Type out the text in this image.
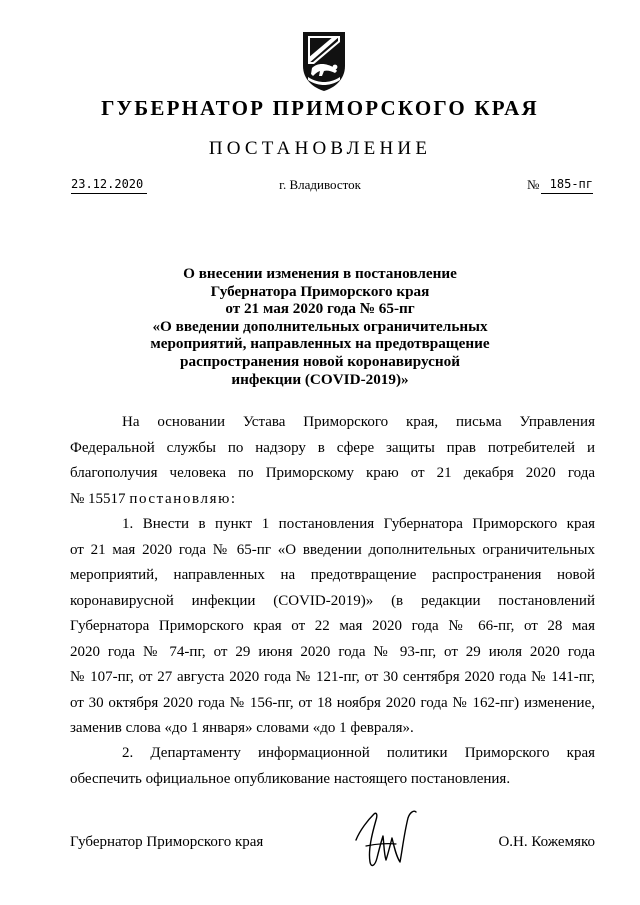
ГУБЕРНАТОР ПРИМОРСКОГО КРАЯ
ПОСТАНОВЛЕНИЕ
23.12.2020	г. Владивосток	№ 185-пг
О внесении изменения в постановление
Губернатора Приморского края
от 21 мая 2020 года № 65-пг
«О введении дополнительных ограничительных
мероприятий, направленных на предотвращение
распространения новой коронавирусной
инфекции (COVID-2019)»
На основании Устава Приморского края, письма Управления
Федеральной службы по надзору в сфере защиты прав потребителей и
благополучия человека по Приморскому краю от 21 декабря 2020 года
№ 15517 постановляю:
1. Внести в пункт 1 постановления Губернатора Приморского края
от 21 мая 2020 года № 65-пг «О введении дополнительных ограничительных
мероприятий, направленных на предотвращение распространения новой
коронавирусной инфекции (COVID-2019)» (в редакции постановлений
Губернатора Приморского края от 22 мая 2020 года № 66-пг, от 28 мая
2020 года № 74-пг, от 29 июня 2020 года № 93-пг, от 29 июля 2020 года
№ 107-пг, от 27 августа 2020 года № 121-пг, от 30 сентября 2020 года № 141-пг,
от 30 октября 2020 года № 156-пг, от 18 ноября 2020 года № 162-пг) изменение,
заменив слова «до 1 января» словами «до 1 февраля».
2. Департаменту информационной политики Приморского края
обеспечить официальное опубликование настоящего постановления.
Губернатор Приморского края	О.Н. Кожемяко
